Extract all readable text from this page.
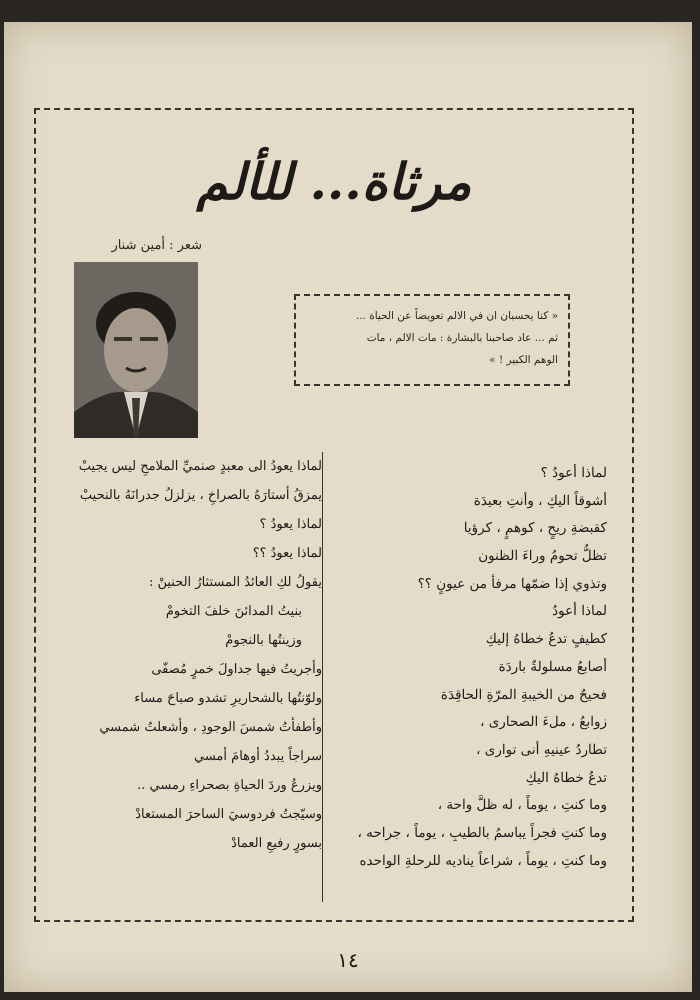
مرثاة... للألم
شعر : أمين شنار
« كنا يحسبان ان في الالم تعويضاً عن الحياة ...
ثم ... عاد صاحبنا بالبشارة : مات الالم ، مات
الوهم الكبير ! »
لماذا أعودُ ؟
أشوقاً اليكِ ، وأنتِ بعيدَة
كقبضةِ ريحٍ ، كوهمٍ ، كرؤيا
تظلُّ تحومُ وراءَ الظنون
وتذوي إذا ضمّها مرفأ من عيونٍ ؟؟
لماذا أعودُ
كطيفٍ تدعُ خطاهُ إليكِ
أصابعُ مسلولةٌ باردَة
فحيحٌ من الخيبةِ المرّةِ الحاقِدَة
زوابعُ ، ملءَ الصحارى ،
تطاردُ عينيهِ أنى توارى ،
تدعُ خطاهُ اليكِ
وما كنتِ ، يوماً ، له ظلَّ واحة ،
وما كنتِ فجراً يباسمُ بالطيبِ ، يوماً ، جراحه ،
وما كنتِ ، يوماً ، شراعاً يناديه للرحلةِ الواحده
لماذا يعودُ الى معبدٍ صنميِّ الملامحِ ليس يجيبْ
يمزقُ أستارَهُ بالصراخِ ، يزلزلُ جدرانَهُ بالنحيبْ
لماذا يعودُ ؟
لماذا يعودُ ؟؟
يقولُ لكِ العائدُ المستثارُ الحنينْ :
بنيتُ المدائنَ خلفَ التخومْ
وزينتُها بالنجومْ
وأجريتُ فيها جداولَ خمرٍ مُصفّى
ولوّنتُها بالشحاريرِ تشدو صباحَ مساء
وأطفأتُ شمسَ الوجودِ ، وأشعلتُ شمسي
سراجاً يبددُ أوهامَ أمسي
ويزرعُ وردَ الحياةِ بصحراءِ رمسي ..
وسيّجتُ فردوسيَ الساحرَ المستعادْ
بسورٍ رفيعِ العمادْ
١٤
